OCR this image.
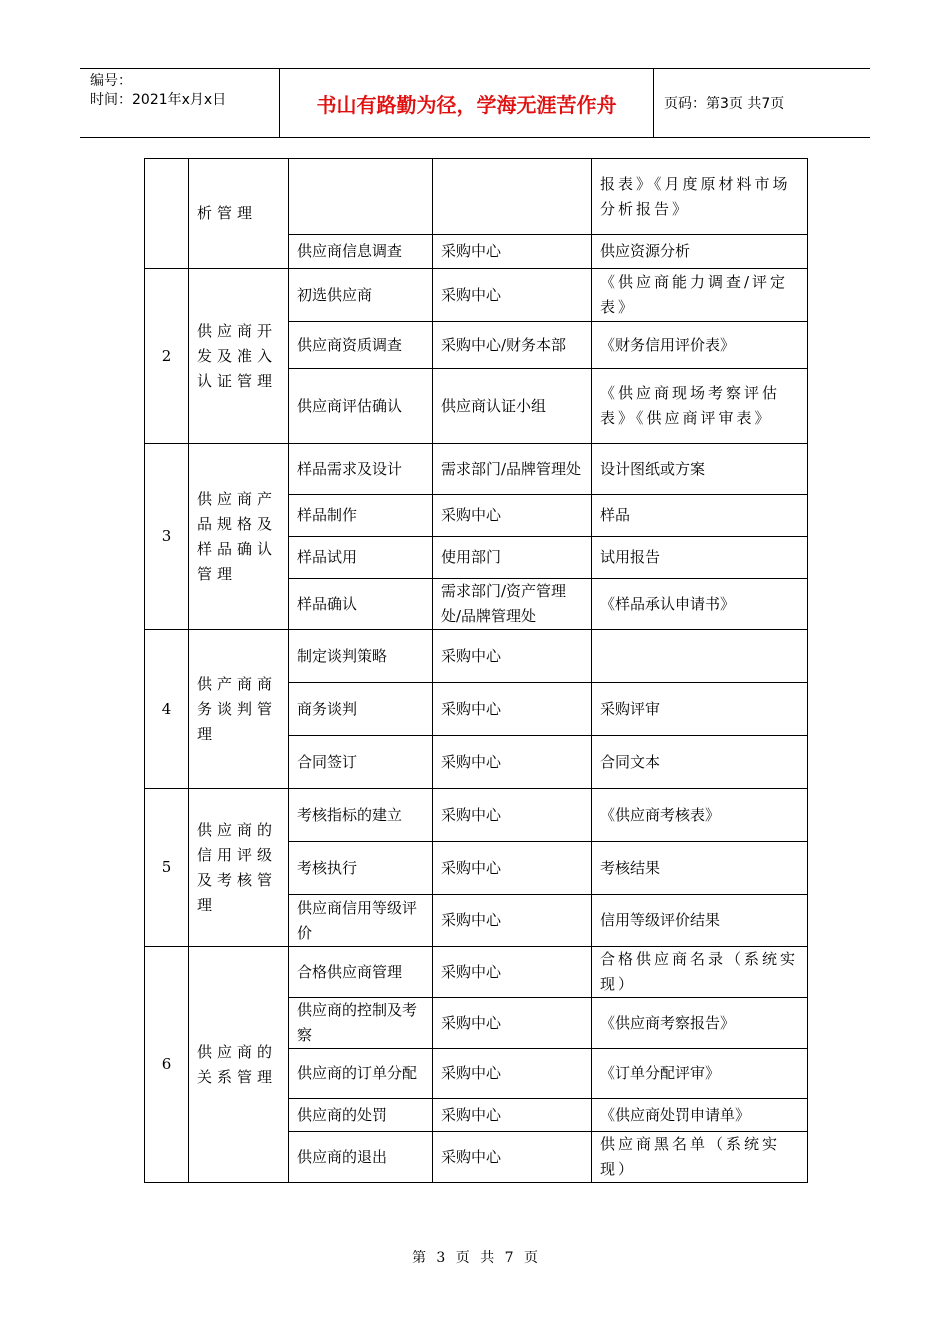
编号：
时间：2021年x月x日	书山有路勤为径，学海无涯苦作舟	页码：第3页 共7页
	析管理			报表》《月度原材料市场分析报告》
		供应商信息调查	采购中心	供应资源分析
2	供应商开发及准入认证管理	初选供应商	采购中心	《供应商能力调查/评定表》
		供应商资质调查	采购中心/财务本部	《财务信用评价表》
		供应商评估确认	供应商认证小组	《供应商现场考察评估表》《供应商评审表》
3	供应商产品规格及样品确认管理	样品需求及设计	需求部门/品牌管理处	设计图纸或方案
		样品制作	采购中心	样品
		样品试用	使用部门	试用报告
		样品确认	需求部门/资产管理处/品牌管理处	《样品承认申请书》
4	供产商商务谈判管理	制定谈判策略	采购中心	
		商务谈判	采购中心	采购评审
		合同签订	采购中心	合同文本
5	供应商的信用评级及考核管理	考核指标的建立	采购中心	《供应商考核表》
		考核执行	采购中心	考核结果
		供应商信用等级评价	采购中心	信用等级评价结果
6	供应商的关系管理	合格供应商管理	采购中心	合格供应商名录（系统实现）
		供应商的控制及考察	采购中心	《供应商考察报告》
		供应商的订单分配	采购中心	《订单分配评审》
		供应商的处罚	采购中心	《供应商处罚申请单》
		供应商的退出	采购中心	供应商黑名单（系统实现）
第 3 页 共 7 页
